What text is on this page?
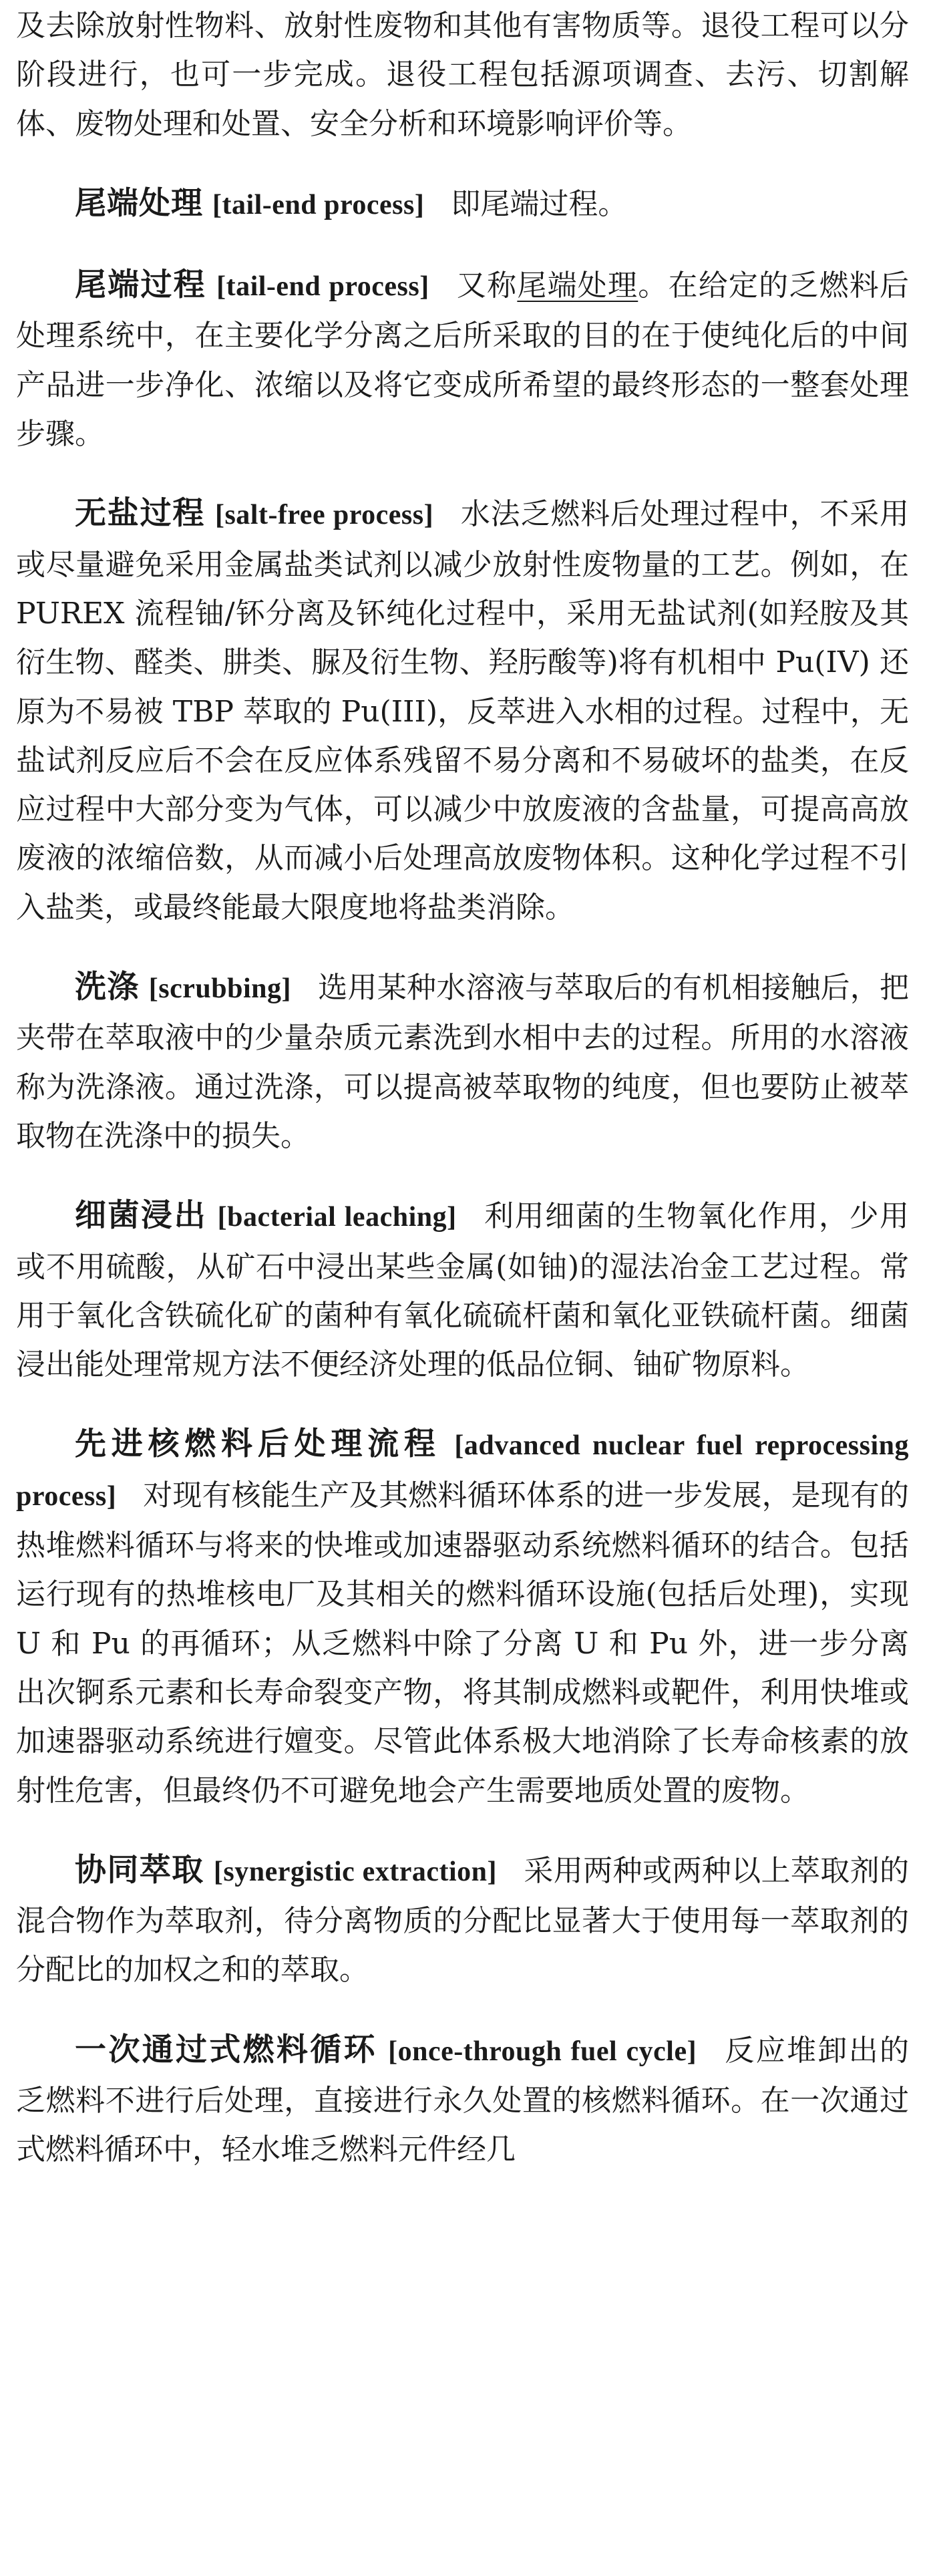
及去除放射性物料、放射性废物和其他有害物质等。退役工程可以分阶段进行，也可一步完成。退役工程包括源项调查、去污、切割解体、废物处理和处置、安全分析和环境影响评价等。

尾端处理 [tail-end process] 即尾端过程。

尾端过程 [tail-end process] 又称尾端处理。在给定的乏燃料后处理系统中，在主要化学分离之后所采取的目的在于使纯化后的中间产品进一步净化、浓缩以及将它变成所希望的最终形态的一整套处理步骤。

无盐过程 [salt-free process] 水法乏燃料后处理过程中，不采用或尽量避免采用金属盐类试剂以减少放射性废物量的工艺。例如，在 PUREX 流程铀/钚分离及钚纯化过程中，采用无盐试剂(如羟胺及其衍生物、醛类、肼类、脲及衍生物、羟肟酸等)将有机相中 Pu(IV) 还原为不易被 TBP 萃取的 Pu(III)，反萃进入水相的过程。过程中，无盐试剂反应后不会在反应体系残留不易分离和不易破坏的盐类，在反应过程中大部分变为气体，可以减少中放废液的含盐量，可提高高放废液的浓缩倍数，从而减小后处理高放废物体积。这种化学过程不引入盐类，或最终能最大限度地将盐类消除。

洗涤 [scrubbing] 选用某种水溶液与萃取后的有机相接触后，把夹带在萃取液中的少量杂质元素洗到水相中去的过程。所用的水溶液称为洗涤液。通过洗涤，可以提高被萃取物的纯度，但也要防止被萃取物在洗涤中的损失。

细菌浸出 [bacterial leaching] 利用细菌的生物氧化作用，少用或不用硫酸，从矿石中浸出某些金属(如铀)的湿法冶金工艺过程。常用于氧化含铁硫化矿的菌种有氧化硫硫杆菌和氧化亚铁硫杆菌。细菌浸出能处理常规方法不便经济处理的低品位铜、铀矿物原料。

先进核燃料后处理流程 [advanced nuclear fuel reprocessing process] 对现有核能生产及其燃料循环体系的进一步发展，是现有的热堆燃料循环与将来的快堆或加速器驱动系统燃料循环的结合。包括运行现有的热堆核电厂及其相关的燃料循环设施(包括后处理)，实现 U 和 Pu 的再循环；从乏燃料中除了分离 U 和 Pu 外，进一步分离出次锕系元素和长寿命裂变产物，将其制成燃料或靶件，利用快堆或加速器驱动系统进行嬗变。尽管此体系极大地消除了长寿命核素的放射性危害，但最终仍不可避免地会产生需要地质处置的废物。

协同萃取 [synergistic extraction] 采用两种或两种以上萃取剂的混合物作为萃取剂，待分离物质的分配比显著大于使用每一萃取剂的分配比的加权之和的萃取。

一次通过式燃料循环 [once-through fuel cycle] 反应堆卸出的乏燃料不进行后处理，直接进行永久处置的核燃料循环。在一次通过式燃料循环中，轻水堆乏燃料元件经几
